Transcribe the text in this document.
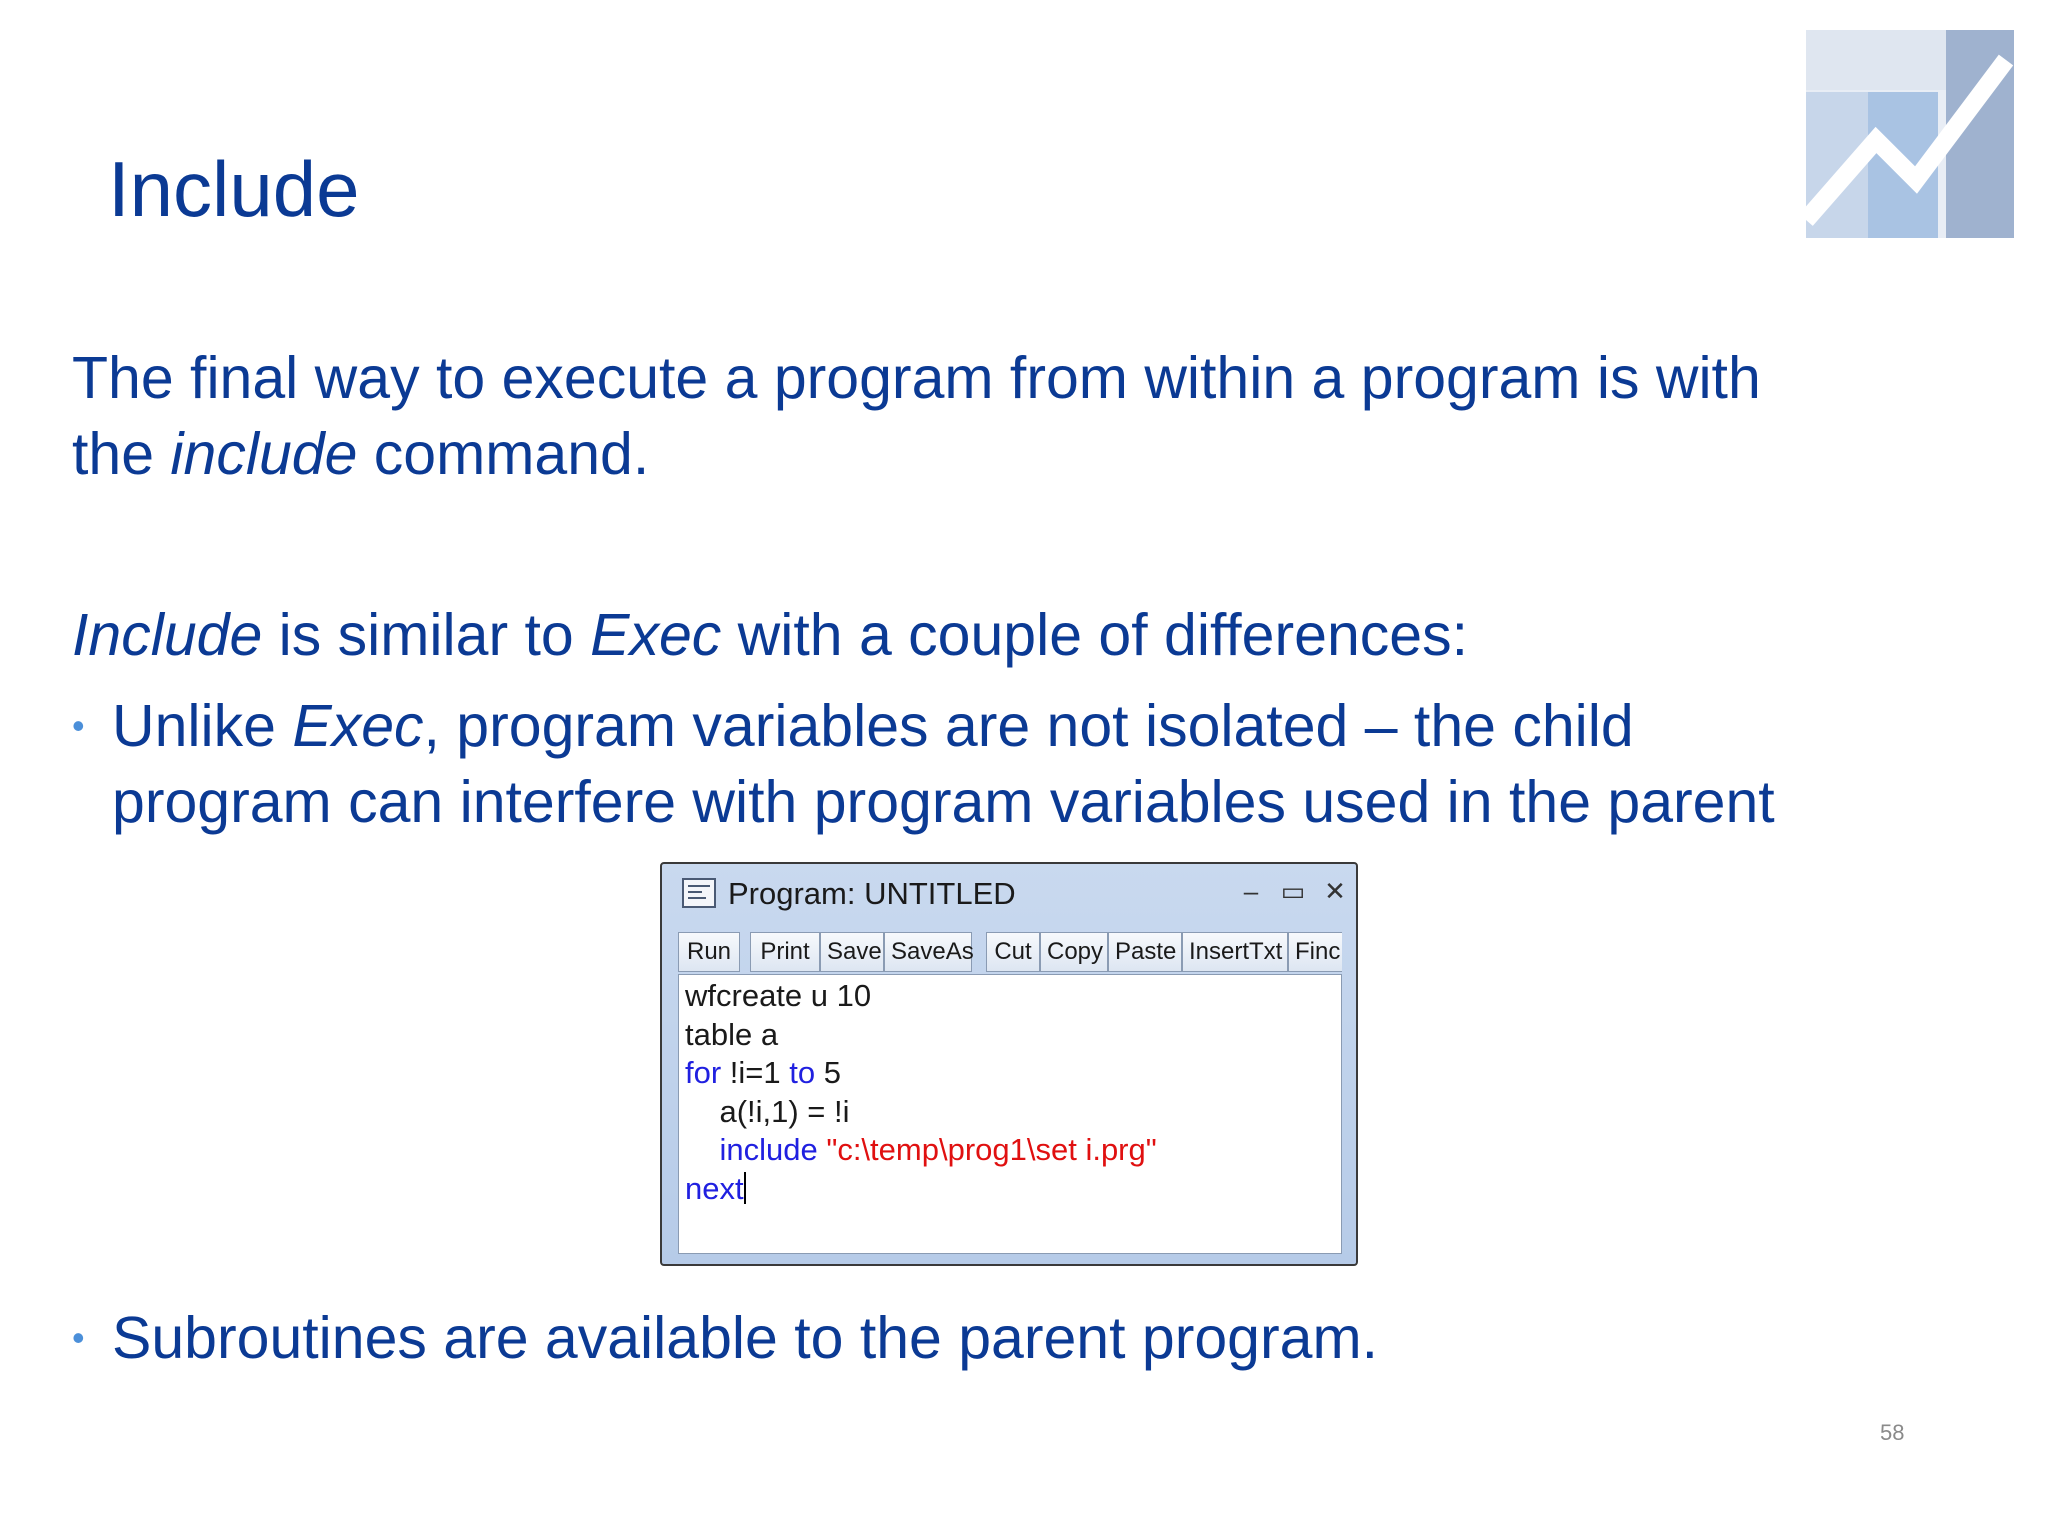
Include
The final way to execute a program from within a program is with
the include command.
Include is similar to Exec with a couple of differences:
• Unlike Exec, program variables are not isolated – the child
program can interfere with program variables used in the parent
Program: UNTITLED	– ▭ ✕
Run	Print Save SaveAs Cut Copy Paste InsertTxt Finc
wfcreate u 10
table a
for !i=1 to 5
a(!i,1) = !i
include "c:\temp\prog1\set i.prg"
next
• Subroutines are available to the parent program.
58
